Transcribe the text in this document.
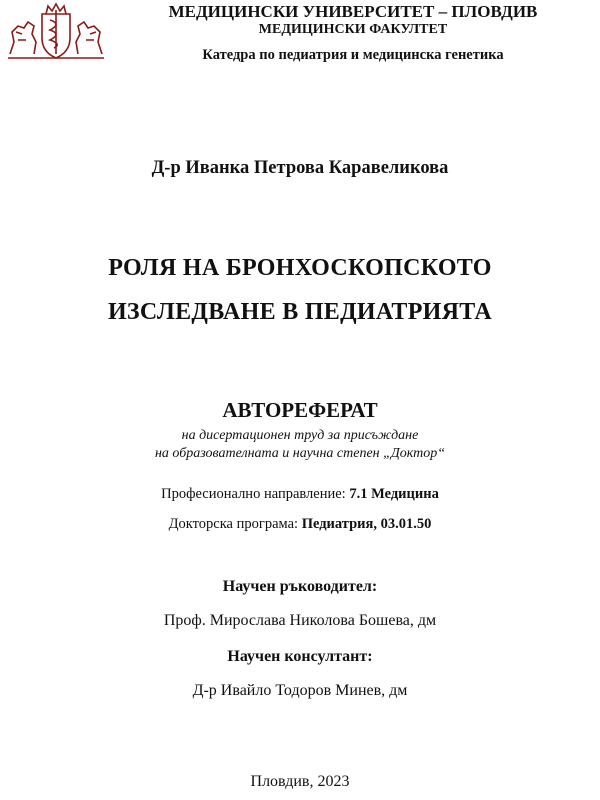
МЕДИЦИНСКИ УНИВЕРСИТЕТ – ПЛОВДИВ
МЕДИЦИНСКИ ФАКУЛТЕТ
Катедра по педиатрия и медицинска генетика
Д-р Иванка Петрова Каравеликова
РОЛЯ НА БРОНХОСКОПСКОТО
ИЗСЛЕДВАНЕ В ПЕДИАТРИЯТА
АВТОРЕФЕРАТ
на дисертационен труд за присъждане
на образователната и научна степен „Доктор“
Професионално направление: 7.1 Медицина
Докторска програма: Педиатрия, 03.01.50
Научен ръководител:
Проф. Мирослава Николова Бошева, дм
Научен консултант:
Д-р Ивайло Тодоров Минев, дм
Пловдив, 2023
